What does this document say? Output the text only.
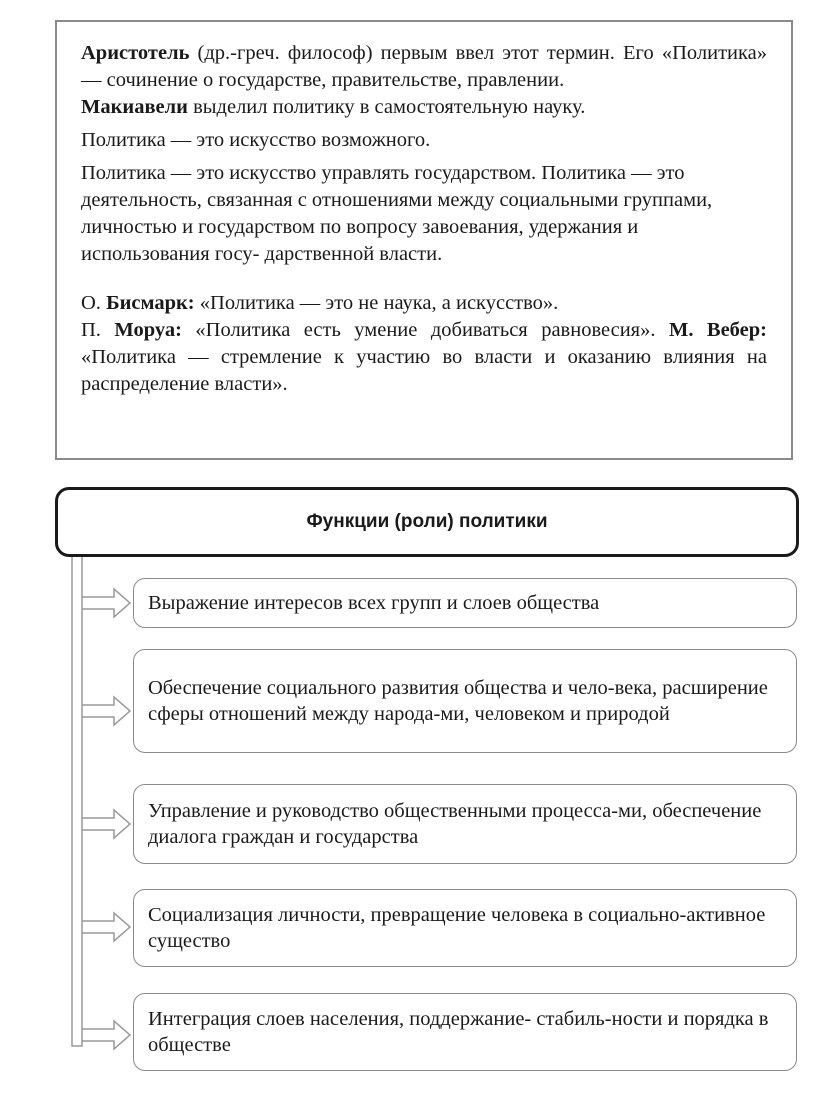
Аристотель (др.-греч. философ) первым ввел этот термин. Его «Политика» — сочинение о государстве, правительстве, правлении.

Макиавели выделил политику в самостоятельную науку.

Политика — это искусство возможного.

Политика — это искусство управлять государством. Политика — это деятельность, связанная с отношениями между социальными группами, личностью и государством по вопросу завоевания, удержания и использования госу- дарственной власти.

О. Бисмарк: «Политика — это не наука, а искусство».

П. Моруа: «Политика есть умение добиваться равновесия». М. Вебер: «Политика — стремление к участию во власти и оказанию влияния на распределение власти».

Функции (роли) политики
Выражение интересов всех групп и слоев общества
Обеспечение социального развития общества и чело-века, расширение сферы отношений между народа-ми, человеком и природой
Управление и руководство общественными процесса-ми, обеспечение диалога граждан и государства
Социализация личности, превращение человека в социально-активное существо
Интеграция слоев населения, поддержание- стабиль-ности и порядка в обществе
